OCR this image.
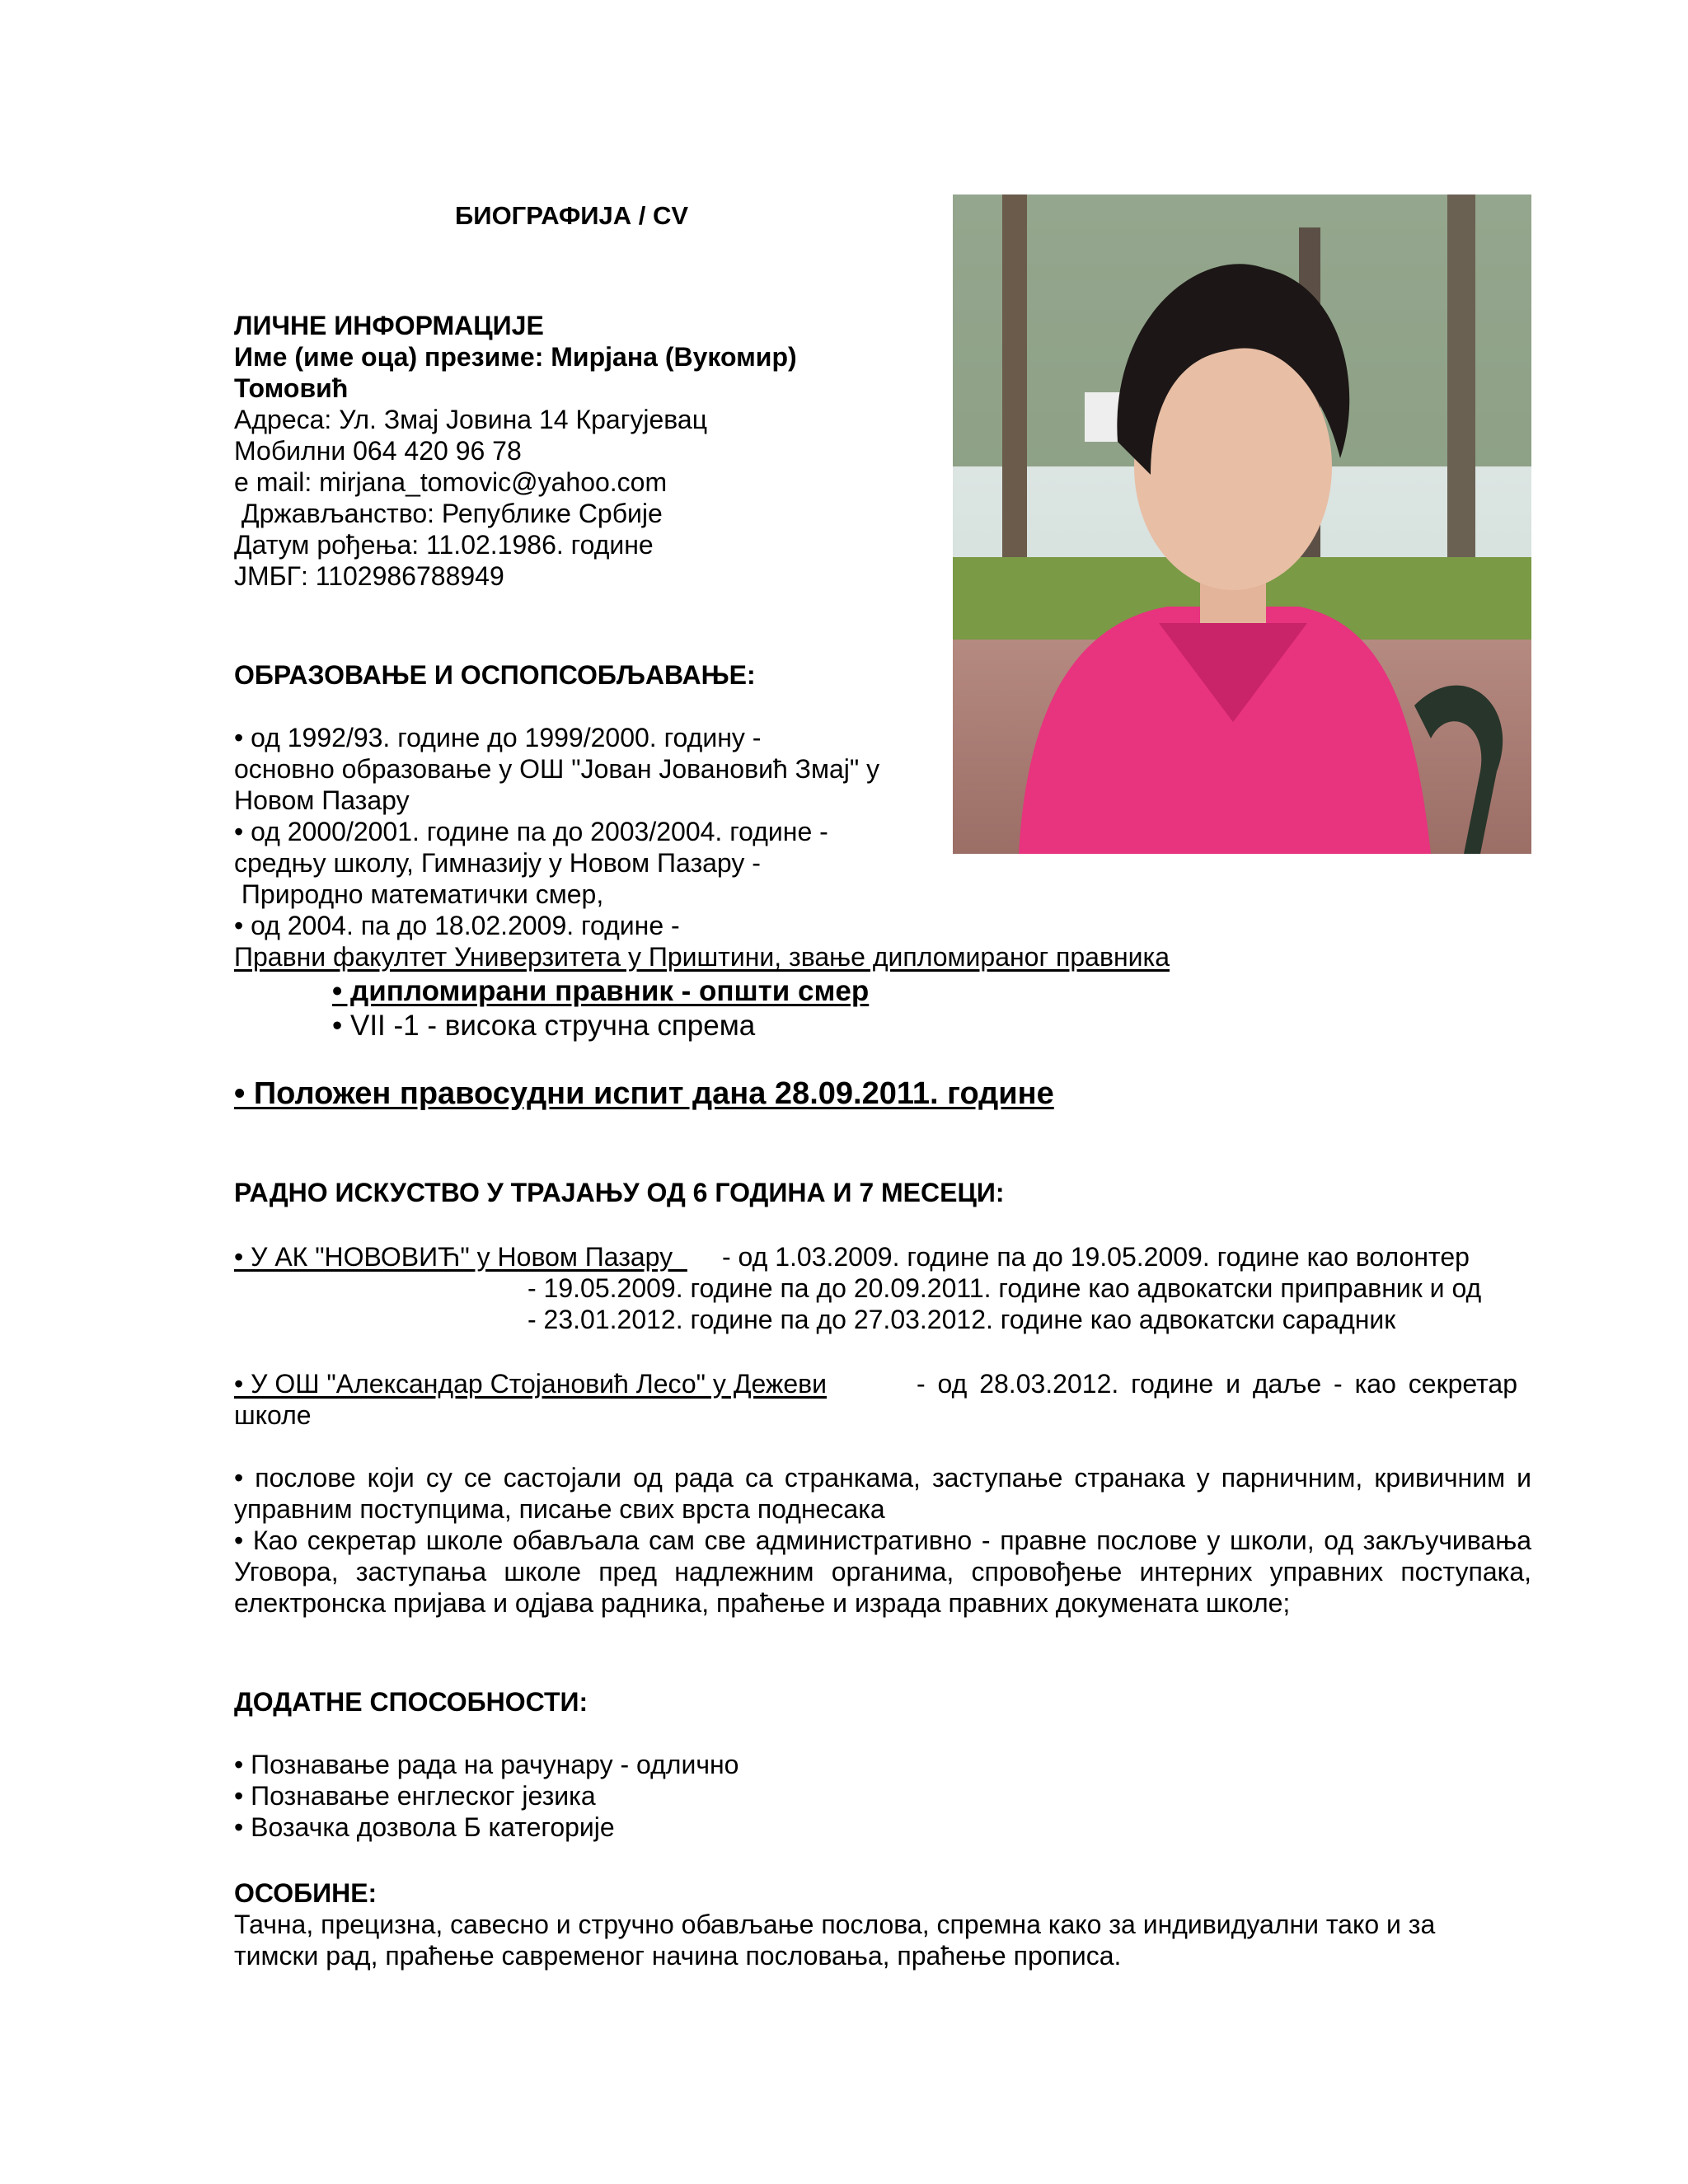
БИОГРАФИЈА / CV
ЛИЧНЕ ИНФОРМАЦИЈЕ
Име (име оца) презиме: Мирјана (Вукомир)
Томовић
Адреса: Ул. Змај Јовина 14 Крагујевац
Мобилни 064 420 96 78
e mail: mirjana_tomovic@yahoo.com
Држављанство: Републике Србије
Датум рођења: 11.02.1986. године
ЈМБГ: 1102986788949
ОБРАЗОВАЊЕ И ОСПОПСОБЉАВАЊЕ:
• од 1992/93. године до 1999/2000. годину -
основно образовање у ОШ "Јован Јовановић Змај" у
Новом Пазару
• од 2000/2001. године па до 2003/2004. године -
средњу школу, Гимназију у Новом Пазару -
Природно математички смер,
• од 2004. па до 18.02.2009. године -
Правни факултет Универзитета у Приштини, звање дипломираног правника
• дипломирани правник - општи смер
• VII -1 - висока стручна спрема
• Положен правосудни испит дана 28.09.2011. године
РАДНО ИСКУСТВО У ТРАЈАЊУ ОД 6 ГОДИНА И 7 МЕСЕЦИ:
• У АК "НОВОВИЋ" у Новом Пазару - од 1.03.2009. године па до 19.05.2009. године као волонтер
- 19.05.2009. године па до 20.09.2011. године као адвокатски приправник и од
- 23.01.2012. године па до 27.03.2012. године као адвокатски сарадник
• У ОШ "Александар Стојановић Лесо" у Дежеви	- од 28.03.2012. године и даље - као секретар
школе
• послове који су се састојали од рада са странкама, заступање странака у парничним, кривичним и управним поступцима, писање свих врста поднесака
• Као секретар школе обављала сам све административно - правне послове у школи, од закључивања Уговора, заступања школе пред надлежним органима, спровођење интерних управних поступака, електронска пријава и одјава радника, праћење и израда правних докумената школе;
ДОДАТНЕ СПОСОБНОСТИ:
• Познавање рада на рачунару - одлично
• Познавање енглеског језика
• Возачка дозвола Б категорије
ОСОБИНЕ:
Тачна, прецизна, савесно и стручно обављање послова, спремна како за индивидуални тако и за тимски рад, праћење савременог начина пословања, праћење прописа.
